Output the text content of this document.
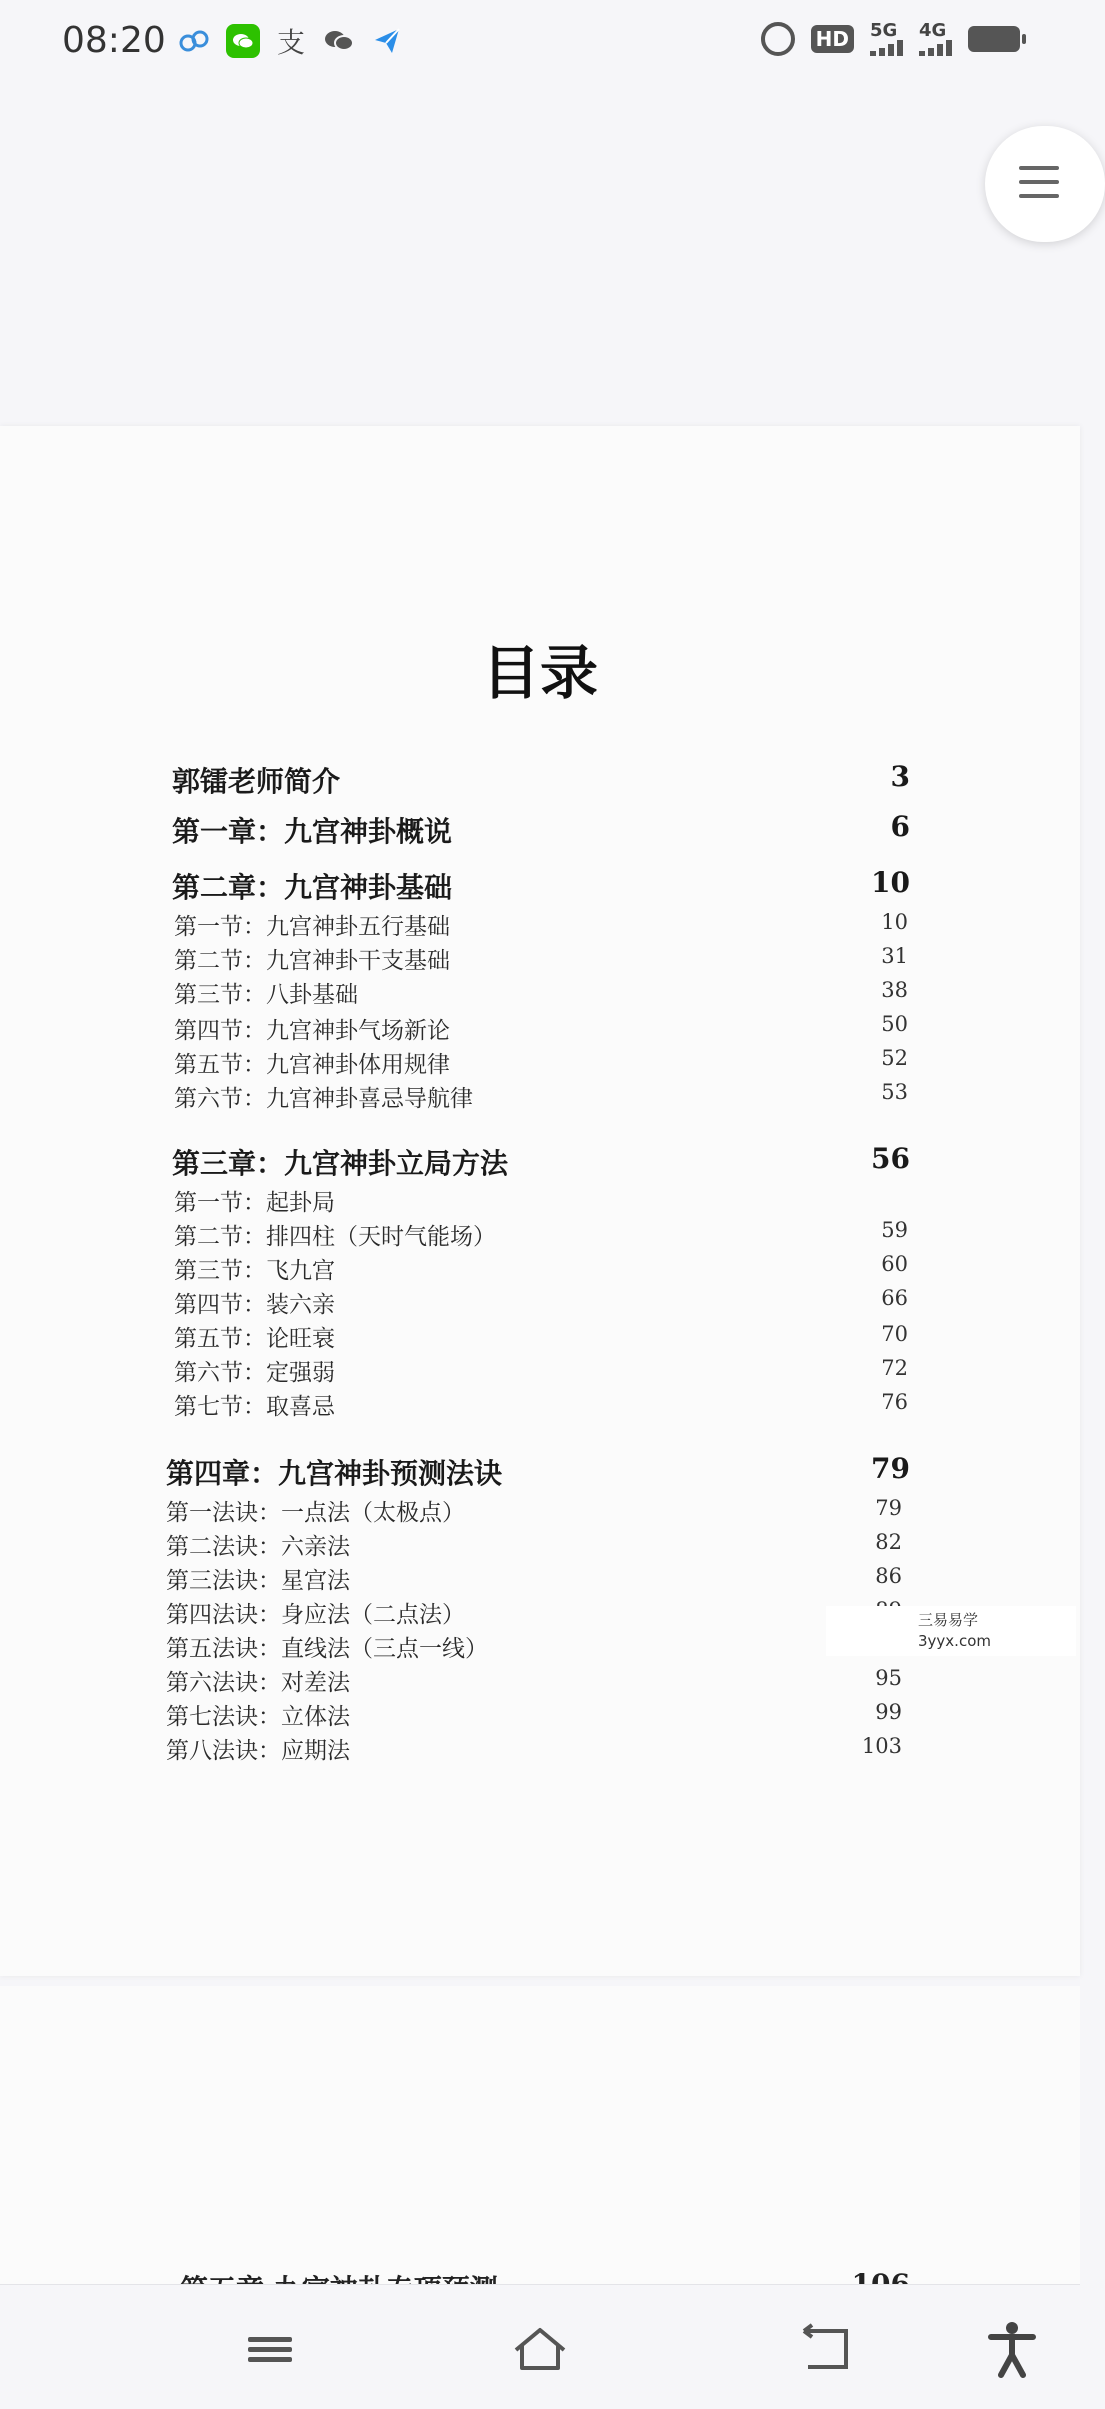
08:20	支	HD 5G 4G
目录
郭镭老师简介	3
第一章：九宫神卦概说	6
第二章：九宫神卦基础	10
第一节：九宫神卦五行基础	10
第二节：九宫神卦干支基础	31
第三节：八卦基础	38
第四节：九宫神卦气场新论	50
第五节：九宫神卦体用规律	52
第六节：九宫神卦喜忌导航律	53
第三章：九宫神卦立局方法	56
第一节：起卦局
第二节：排四柱（天时气能场）	59
第三节：飞九宫	60
第四节：装六亲	66
第五节：论旺衰	70
第六节：定强弱	72
第七节：取喜忌	76
第四章：九宫神卦预测法诀	79
第一法诀：一点法（太极点）	79
第二法诀：六亲法	82
第三法诀：星宫法	86
第四法诀：身应法（二点法）
第五法诀：直线法（三点一线）
第六法诀：对差法	95
第七法诀：立体法	99
第八法诀：应期法	103
三易易学
3yyx.com
